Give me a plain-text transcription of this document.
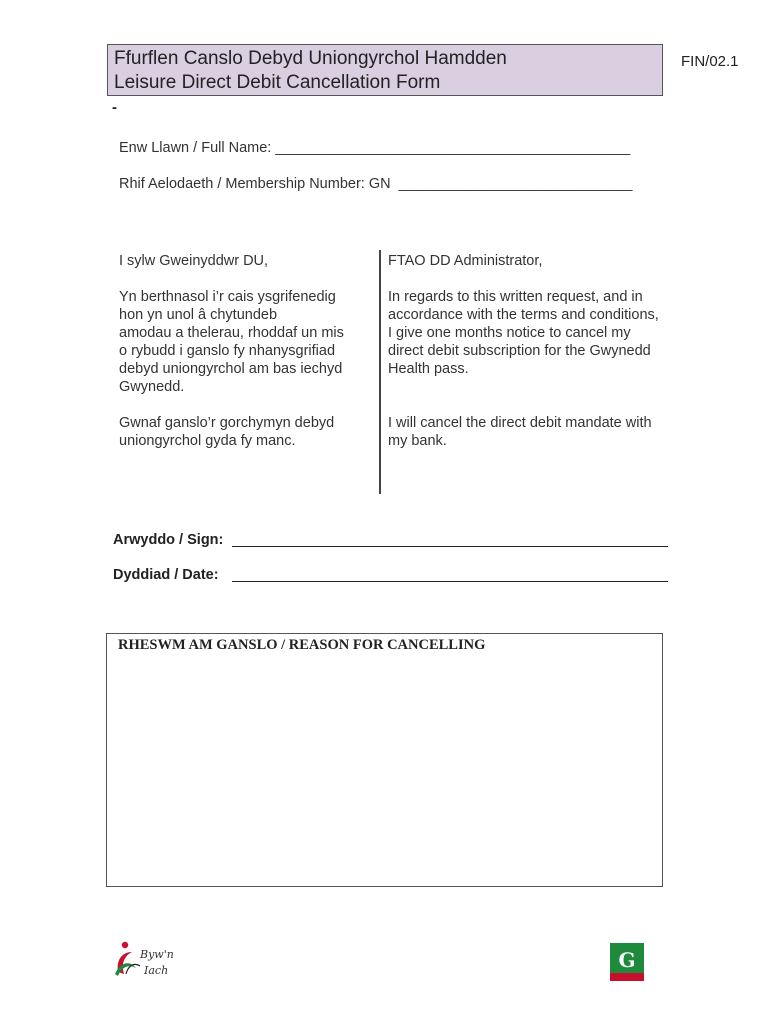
Ffurflen Canslo Debyd Uniongyrchol Hamdden
Leisure Direct Debit Cancellation Form
FIN/02.1
-
Enw Llawn / Full Name: ____________________________________________
Rhif Aelodaeth / Membership Number: GN _____________________________

I sylw Gweinyddwr DU,

Yn berthnasol i’r cais ysgrifenedig
hon yn unol â chytundeb
amodau a thelerau, rhoddaf un mis
o rybudd i ganslo fy nhanysgrifiad
debyd uniongyrchol am bas iechyd
Gwynedd.

Gwnaf ganslo’r gorchymyn debyd
uniongyrchol gyda fy manc.

FTAO DD Administrator,

In regards to this written request, and in
accordance with the terms and conditions,
I give one months notice to cancel my
direct debit subscription for the Gwynedd
Health pass.

I will cancel the direct debit mandate with
my bank.

Arwyddo / Sign:
Dyddiad / Date:
RHESWM AM GANSLO / REASON FOR CANCELLING
Byw'n
Iach	G
